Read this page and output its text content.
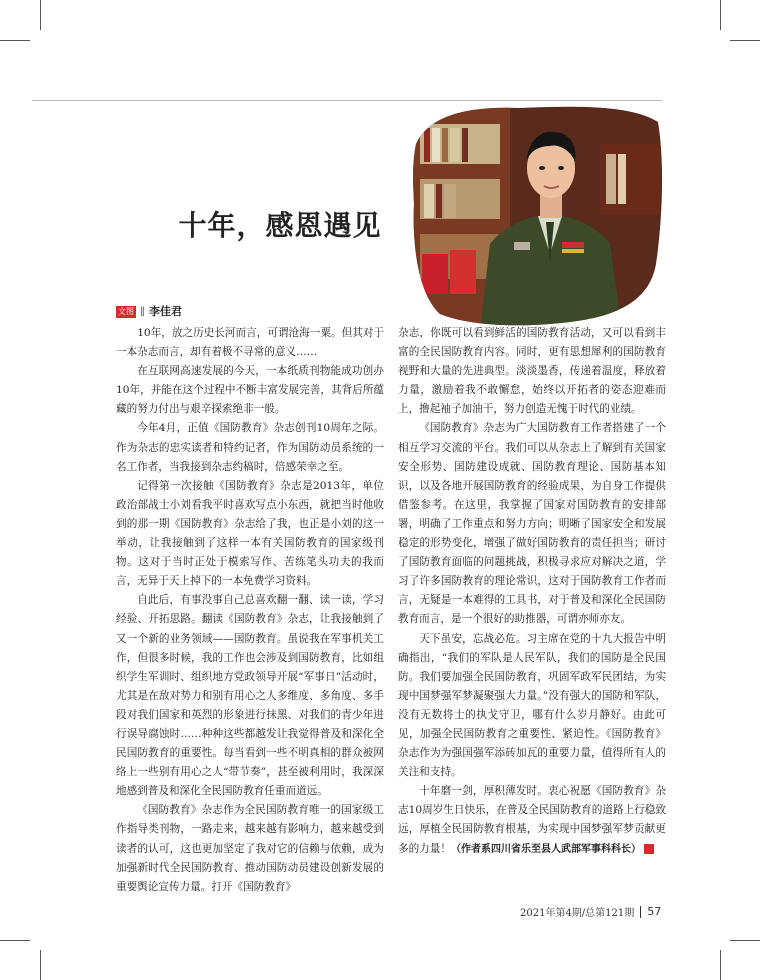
十年，感恩遇见
文图 ‖ 李佳君

10年，放之历史长河而言，可谓沧海一粟。但其对于一本杂志而言，却有着极不寻常的意义……

在互联网高速发展的今天，一本纸质刊物能成功创办10年，并能在这个过程中不断丰富发展完善，其背后所蕴藏的努力付出与艰辛探索绝非一般。

今年4月，正值《国防教育》杂志创刊10周年之际。作为杂志的忠实读者和特约记者，作为国防动员系统的一名工作者，当我接到杂志约稿时，倍感荣幸之至。

记得第一次接触《国防教育》杂志是2013年，单位政治部战士小刘看我平时喜欢写点小东西，就把当时他收到的那一期《国防教育》杂志给了我，也正是小刘的这一举动，让我接触到了这样一本有关国防教育的国家级刊物。这对于当时正处于模索写作、苦练笔头功夫的我而言，无异于天上掉下的一本免费学习资料。

自此后，有事没事自己总喜欢翻一翻、读一读，学习经验、开拓思路。翻读《国防教育》杂志，让我接触到了又一个新的业务领域——国防教育。虽说我在军事机关工作，但很多时候，我的工作也会涉及到国防教育，比如组织学生军训时、组织地方党政领导开展“军事日”活动时，尤其是在敌对势力和别有用心之人多维度、多角度、多手段对我们国家和英烈的形象进行抹黑、对我们的青少年进行误导腐蚀时……种种这些都越发让我觉得普及和深化全民国防教育的重要性。每当看到一些不明真相的群众被网络上一些别有用心之人“带节奏”，甚至被利用时，我深深地感到普及和深化全民国防教育任重而道远。

《国防教育》杂志作为全民国防教育唯一的国家级工作指导类刊物，一路走来，越来越有影响力，越来越受到读者的认可，这也更加坚定了我对它的信赖与依赖，成为加强新时代全民国防教育、推动国防动员建设创新发展的重要舆论宣传力量。打开《国防教育》

杂志，你既可以看到鲜活的国防教育活动，又可以看到丰富的全民国防教育内容。同时，更有思想犀利的国防教育视野和大量的先进典型。淡淡墨香，传递着温度，释放着力量，激励着我不敢懈怠，始终以开拓者的姿态迎难而上，撸起袖子加油干，努力创造无愧于时代的业绩。

《国防教育》杂志为广大国防教育工作者搭建了一个相互学习交流的平台。我们可以从杂志上了解到有关国家安全形势、国防建设成就、国防教育理论、国防基本知识，以及各地开展国防教育的经验成果，为自身工作提供借鉴参考。在这里，我掌握了国家对国防教育的安排部署，明确了工作重点和努力方向；明晰了国家安全和发展稳定的形势变化，增强了做好国防教育的责任担当；研讨了国防教育面临的问题挑战，积极寻求应对解决之道，学习了许多国防教育的理论常识，这对于国防教育工作者而言，无疑是一本难得的工具书，对于普及和深化全民国防教育而言，是一个很好的助推器，可谓亦师亦友。

天下虽安，忘战必危。习主席在党的十九大报告中明确指出，“我们的军队是人民军队，我们的国防是全民国防。我们要加强全民国防教育，巩固军政军民团结，为实现中国梦强军梦凝聚强大力量。”没有强大的国防和军队，没有无数将士的执戈守卫，哪有什么岁月静好。由此可见，加强全民国防教育之重要性、紧迫性。《国防教育》杂志作为为强国强军添砖加瓦的重要力量，值得所有人的关注和支持。

十年磨一剑，厚积薄发时。衷心祝愿《国防教育》杂志10周岁生日快乐，在普及全民国防教育的道路上行稳致远，厚植全民国防教育根基，为实现中国梦强军梦贡献更多的力量！（作者系四川省乐至县人武部军事科科长）	G

2021年第4期/总第121期 57
